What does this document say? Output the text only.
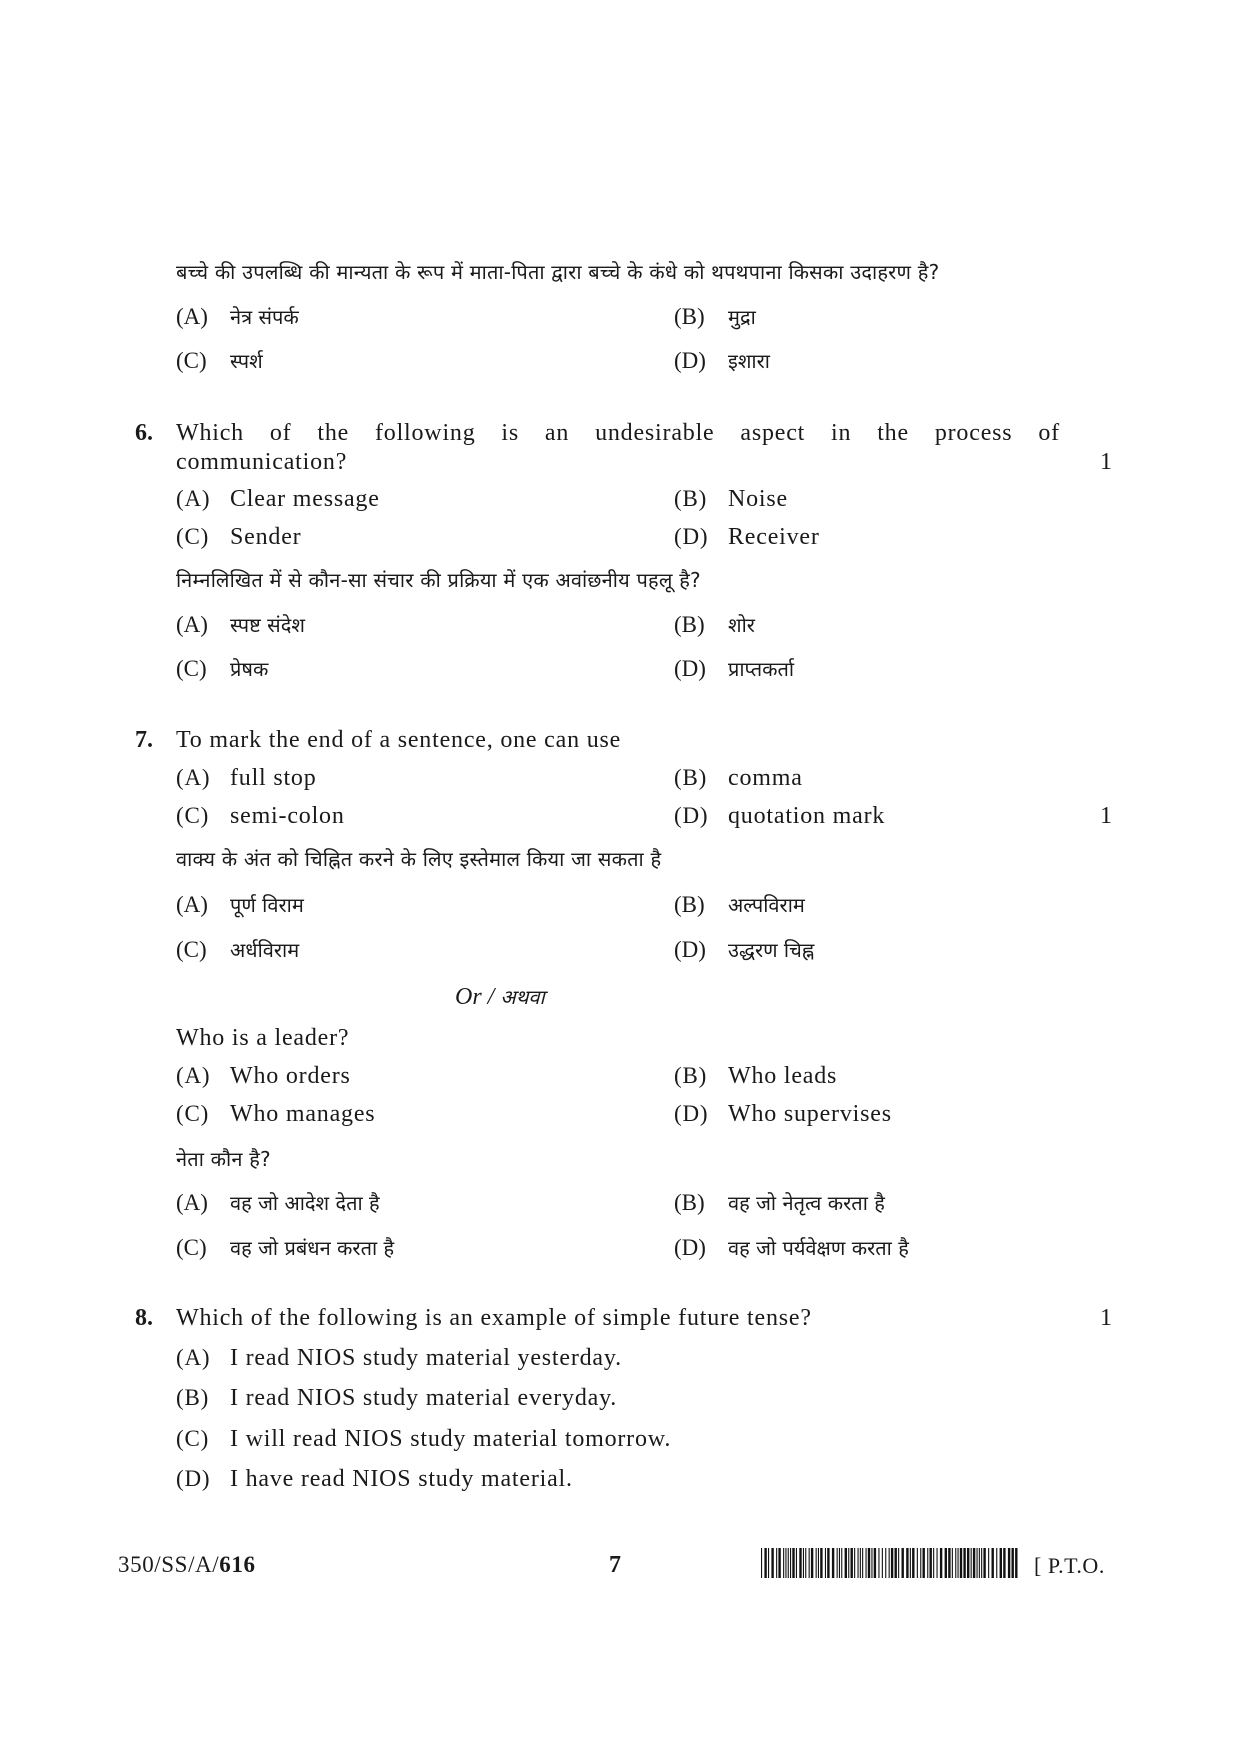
बच्चे की उपलब्धि की मान्यता के रूप में माता-पिता द्वारा बच्चे के कंधे को थपथपाना किसका उदाहरण है?
(A) नेत्र संपर्क	(B) मुद्रा
(C) स्पर्श	(D) इशारा
6. Which of the following is an undesirable aspect in the process of
communication?	1
(A) Clear message	(B) Noise
(C) Sender	(D) Receiver
निम्नलिखित में से कौन-सा संचार की प्रक्रिया में एक अवांछनीय पहलू है?
(A) स्पष्ट संदेश	(B) शोर
(C) प्रेषक	(D) प्राप्तकर्ता
7. To mark the end of a sentence, one can use
(A) full stop	(B) comma
(C) semi-colon	(D) quotation mark	1
वाक्य के अंत को चिह्नित करने के लिए इस्तेमाल किया जा सकता है
(A) पूर्ण विराम	(B) अल्पविराम
(C) अर्धविराम	(D) उद्धरण चिह्न
Or / अथवा
Who is a leader?
(A) Who orders	(B) Who leads
(C) Who manages	(D) Who supervises
नेता कौन है?
(A) वह जो आदेश देता है	(B) वह जो नेतृत्व करता है
(C) वह जो प्रबंधन करता है	(D) वह जो पर्यवेक्षण करता है
8. Which of the following is an example of simple future tense?	1
(A) I read NIOS study material yesterday.
(B) I read NIOS study material everyday.
(C) I will read NIOS study material tomorrow.
(D) I have read NIOS study material.
350/SS/A/616	7	[ P.T.O.
